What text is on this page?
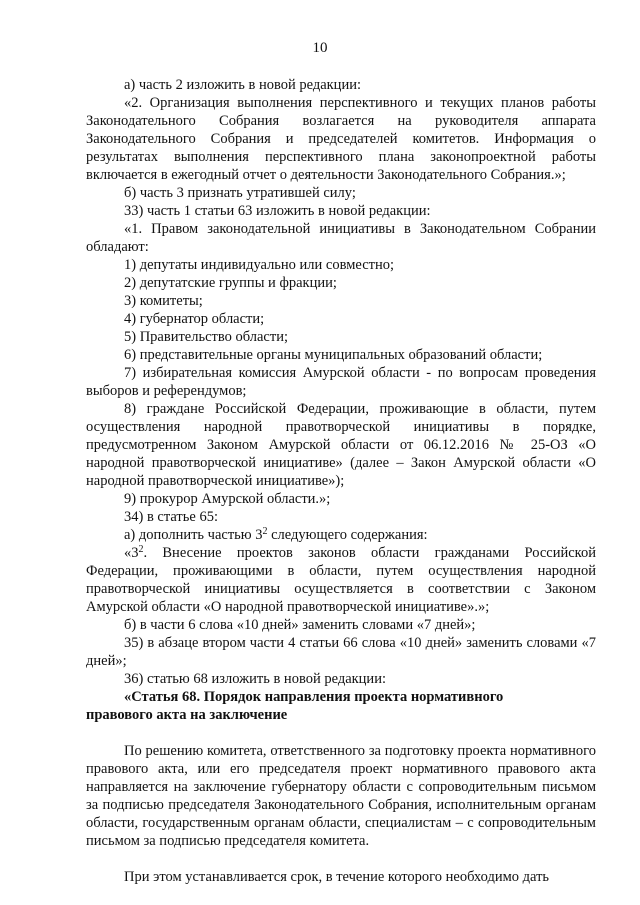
10

а) часть 2 изложить в новой редакции:

«2. Организация выполнения перспективного и текущих планов работы Законодательного Собрания возлагается на руководителя аппарата Законодательного Собрания и председателей комитетов. Информация о результатах выполнения перспективного плана законопроектной работы включается в ежегодный отчет о деятельности Законодательного Собрания.»;

б) часть 3 признать утратившей силу;

33) часть 1 статьи 63 изложить в новой редакции:

«1. Правом законодательной инициативы в Законодательном Собрании обладают:

1) депутаты индивидуально или совместно;

2) депутатские группы и фракции;

3) комитеты;

4) губернатор области;

5) Правительство области;

6) представительные органы муниципальных образований области;

7) избирательная комиссия Амурской области - по вопросам проведения выборов и референдумов;

8) граждане Российской Федерации, проживающие в области, путем осуществления народной правотворческой инициативы в порядке, предусмотренном Законом Амурской области от 06.12.2016 № 25-ОЗ «О народной правотворческой инициативе» (далее – Закон Амурской области «О народной правотворческой инициативе»);

9) прокурор Амурской области.»;

34) в статье 65:

а) дополнить частью $3^2$ следующего содержания:

«$3^2$. Внесение проектов законов области гражданами Российской Федерации, проживающими в области, путем осуществления народной правотворческой инициативы осуществляется в соответствии с Законом Амурской области «О народной правотворческой инициативе».»;

б) в части 6 слова «10 дней» заменить словами «7 дней»;

35) в абзаце втором части 4 статьи 66 слова «10 дней» заменить словами «7 дней»;

36) статью 68 изложить в новой редакции:

«Статья 68. Порядок направления проекта нормативного правового акта на заключение

По решению комитета, ответственного за подготовку проекта нормативного правового акта, или его председателя проект нормативного правового акта направляется на заключение губернатору области с сопроводительным письмом за подписью председателя Законодательного Собрания, исполнительным органам области, государственным органам области, специалистам – с сопроводительным письмом за подписью председателя комитета.

При этом устанавливается срок, в течение которого необходимо дать
